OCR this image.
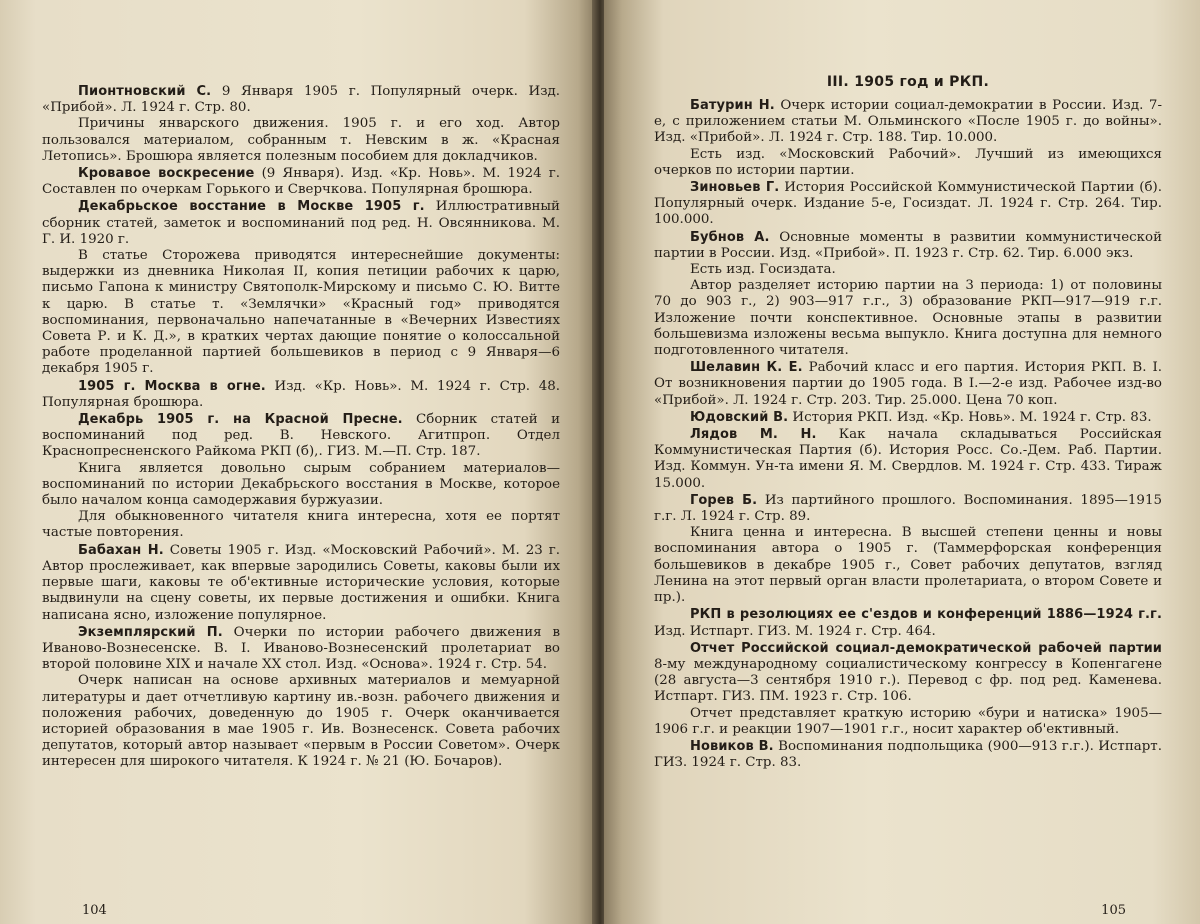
Пионтновский С. 9 Января 1905 г. Популярный очерк. Изд. «Прибой». Л. 1924 г. Стр. 80.

Причины январского движения. 1905 г. и его ход. Автор пользовался материалом, собранным т. Невским в ж. «Красная Летопись». Брошюра является полезным пособием для докладчиков.

Кровавое воскресение (9 Января). Изд. «Кр. Новь». М. 1924 г. Составлен по очеркам Горького и Сверчкова. Популярная брошюра.

Декабрьское восстание в Москве 1905 г. Иллюстративный сборник статей, заметок и воспоминаний под ред. Н. Овсянникова. М. Г. И. 1920 г.

В статье Сторожева приводятся интереснейшие документы: выдержки из дневника Николая II, копия петиции рабочих к царю, письмо Гапона к министру Святополк-Мирскому и письмо С. Ю. Витте к царю. В статье т. «Землячки» «Красный год» приводятся воспоминания, первоначально напечатанные в «Вечерних Известиях Совета Р. и К. Д.», в кратких чертах дающие понятие о колоссальной работе проделанной партией большевиков в период с 9 Января—6 декабря 1905 г.

1905 г. Москва в огне. Изд. «Кр. Новь». М. 1924 г. Стр. 48. Популярная брошюра.

Декабрь 1905 г. на Красной Пресне. Сборник статей и воспоминаний под ред. В. Невского. Агитпроп. Отдел Краснопресненского Райкома РКП (б),. ГИЗ. М.—П. Стр. 187.

Книга является довольно сырым собранием материалов—воспоминаний по истории Декабрьского восстания в Москве, которое было началом конца самодержавия буржуазии.

Для обыкновенного читателя книга интересна, хотя ее портят частые повторения.

Бабахан Н. Советы 1905 г. Изд. «Московский Рабочий». М. 23 г. Автор прослеживает, как впервые зародились Советы, каковы были их первые шаги, каковы те об'ективные исторические условия, которые выдвинули на сцену советы, их первые достижения и ошибки. Книга написана ясно, изложение популярное.

Экземплярский П. Очерки по истории рабочего движения в Иваново-Вознесенске. В. I. Иваново-Вознесенский пролетариат во второй половине XIX и начале XX стол. Изд. «Основа». 1924 г. Стр. 54.

Очерк написан на основе архивных материалов и мемуарной литературы и дает отчетливую картину ив.-возн. рабочего движения и положения рабочих, доведенную до 1905 г. Очерк оканчивается историей образования в мае 1905 г. Ив. Вознесенск. Совета рабочих депутатов, который автор называет «первым в России Советом». Очерк интересен для широкого читателя. К 1924 г. № 21 (Ю. Бочаров).

104
III. 1905 год и РКП.

Батурин Н. Очерк истории социал-демократии в России. Изд. 7-е, с приложением статьи М. Ольминского «После 1905 г. до войны». Изд. «Прибой». Л. 1924 г. Стр. 188. Тир. 10.000.

Есть изд. «Московский Рабочий». Лучший из имеющихся очерков по истории партии.

Зиновьев Г. История Российской Коммунистической Партии (б). Популярный очерк. Издание 5-е, Госиздат. Л. 1924 г. Стр. 264. Тир. 100.000.

Бубнов А. Основные моменты в развитии коммунистической партии в России. Изд. «Прибой». П. 1923 г. Стр. 62. Тир. 6.000 экз.

Есть изд. Госиздата.

Автор разделяет историю партии на 3 периода: 1) от половины 70 до 903 г., 2) 903—917 г.г., 3) образование РКП—917—919 г.г. Изложение почти конспективное. Основные этапы в развитии большевизма изложены весьма выпукло. Книга доступна для немного подготовленного читателя.

Шелавин К. Е. Рабочий класс и его партия. История РКП. В. I. От возникновения партии до 1905 года. В I.—2-е изд. Рабочее изд-во «Прибой». Л. 1924 г. Стр. 203. Тир. 25.000. Цена 70 коп.

Юдовский В. История РКП. Изд. «Кр. Новь». М. 1924 г. Стр. 83.

Лядов М. Н. Как начала складываться Российская Коммунистическая Партия (б). История Росс. Со.-Дем. Раб. Партии. Изд. Коммун. Ун-та имени Я. М. Свердлов. М. 1924 г. Стр. 433. Тираж 15.000.

Горев Б. Из партийного прошлого. Воспоминания. 1895—1915 г.г. Л. 1924 г. Стр. 89.

Книга ценна и интересна. В высшей степени ценны и новы воспоминания автора о 1905 г. (Таммерфорская конференция большевиков в декабре 1905 г., Совет рабочих депутатов, взгляд Ленина на этот первый орган власти пролетариата, о втором Совете и пр.).

РКП в резолюциях ее с'ездов и конференций 1886—1924 г.г. Изд. Истпарт. ГИЗ. М. 1924 г. Стр. 464.

Отчет Российской социал-демократической рабочей партии 8-му международному социалистическому конгрессу в Копенгагене (28 августа—3 сентября 1910 г.). Перевод с фр. под ред. Каменева. Истпарт. ГИЗ. ПМ. 1923 г. Стр. 106.

Отчет представляет краткую историю «бури и натиска» 1905—1906 г.г. и реакции 1907—1901 г.г., носит характер об'ективный.

Новиков В. Воспоминания подпольщика (900—913 г.г.). Истпарт. ГИЗ. 1924 г. Стр. 83.

105
